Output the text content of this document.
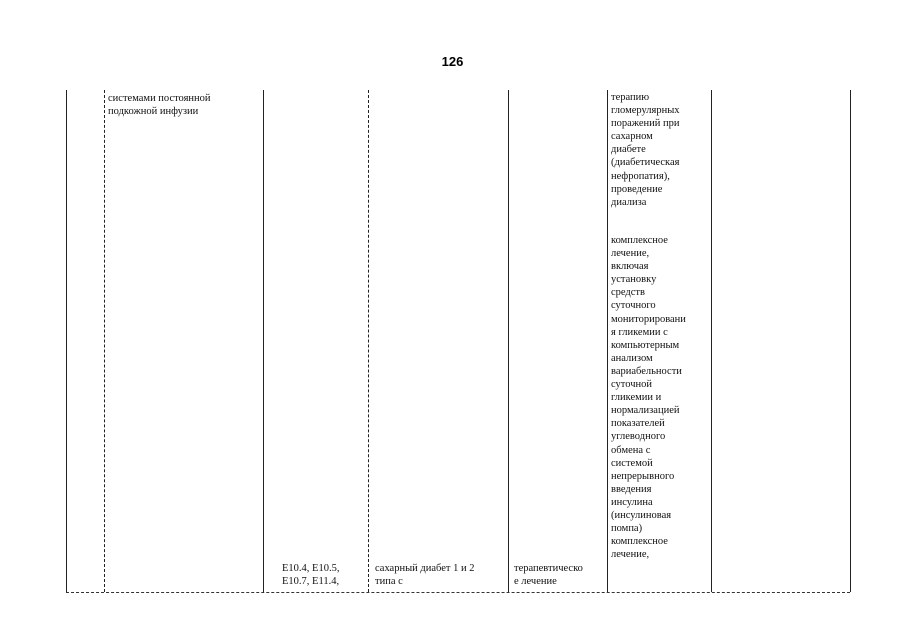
126
системами постоянной
подкожной инфузии
терапию
гломерулярных
поражений при
сахарном
диабете
(диабетическая
нефропатия),
проведение
диализа
комплексное
лечение,
включая
установку
средств
суточного
мониторировани
я гликемии с
компьютерным
анализом
вариабельности
суточной
гликемии и
нормализацией
показателей
углеводного
обмена с
системой
непрерывного
введения
инсулина
(инсулиновая
помпа)
комплексное
лечение,
E10.4, E10.5,
E10.7, E11.4,
сахарный диабет 1 и 2
типа с
терапевтическо
е лечение
